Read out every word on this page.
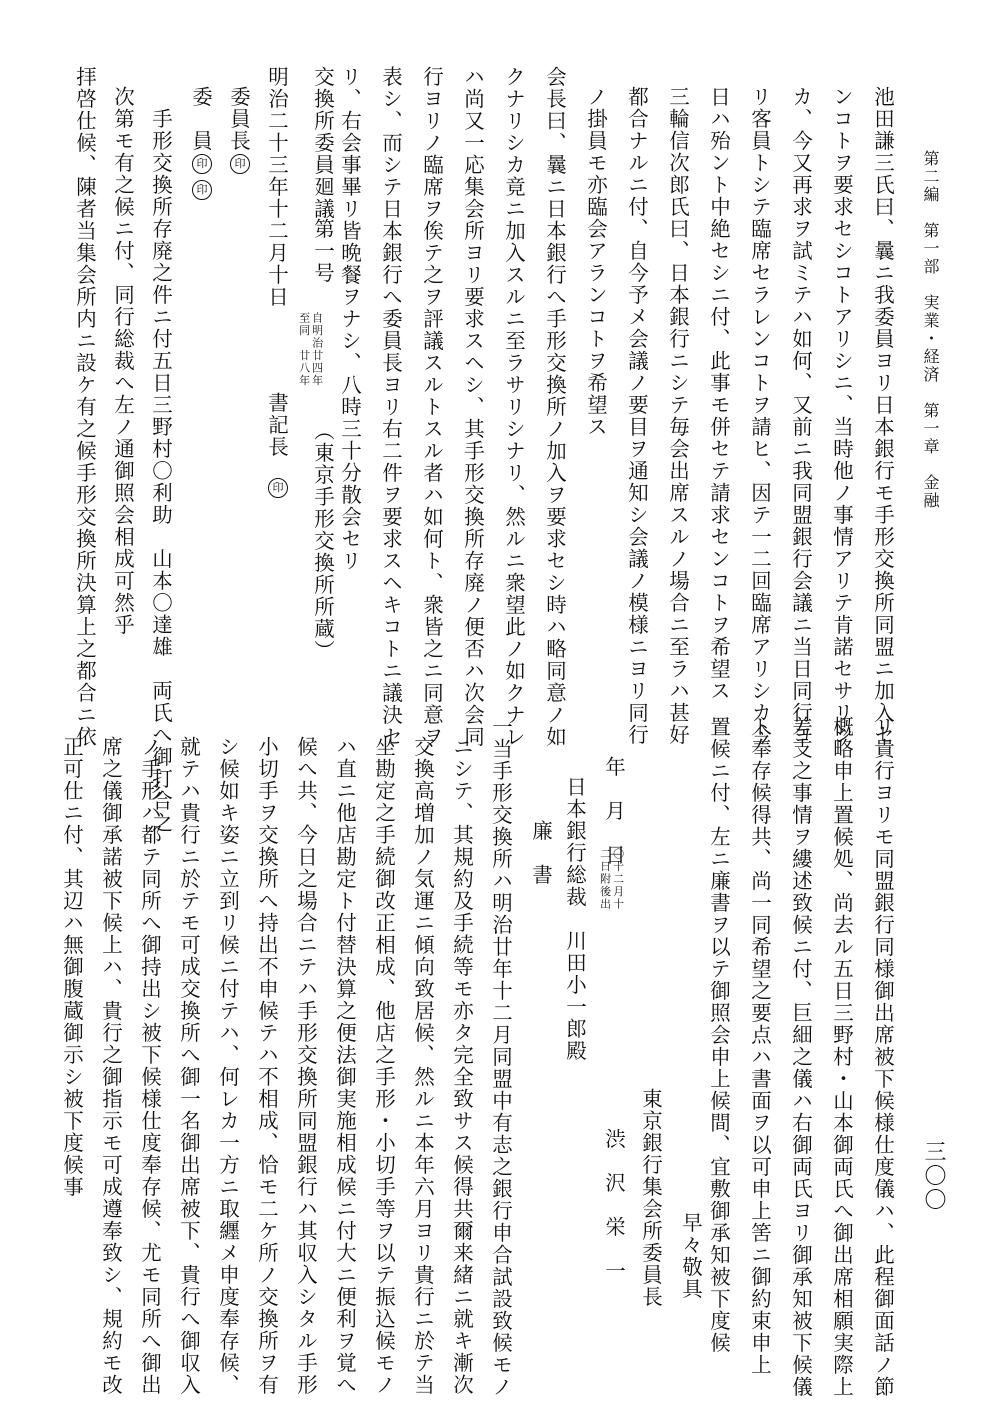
第二編　第一部　実業・経済　第一章　金融
三〇〇
池田謙三氏曰、曩ニ我委員ヨリ日本銀行モ手形交換所同盟ニ加入セ
ンコトヲ要求セシコトアリシニ、当時他ノ事情アリテ肯諾セサリシ
カ、今又再求ヲ試ミテハ如何、又前ニ我同盟銀行会議ニ当日同行ヨ
リ客員トシテ臨席セラレンコトヲ請ヒ、因テ一二回臨席アリシカ今
日ハ殆ント中絶セシニ付、此事モ併セテ請求センコトヲ希望ス
三輪信次郎氏曰、日本銀行ニシテ毎会出席スルノ場合ニ至ラハ甚好
都合ナルニ付、自今予メ会議ノ要目ヲ通知シ会議ノ模様ニヨリ同行
ノ掛員モ亦臨会アランコトヲ希望ス
会長曰、曩ニ日本銀行へ手形交換所ノ加入ヲ要求セシ時ハ略同意ノ如
クナリシカ竟ニ加入スルニ至ラサリシナリ、然ルニ衆望此ノ如クナレ
ハ尚又一応集会所ヨリ要求スヘシ、其手形交換所存廃ノ便否ハ次会同
行ヨリノ臨席ヲ俟テ之ヲ評議スルトスル者ハ如何ト、衆皆之ニ同意ヲ
表シ、而シテ日本銀行へ委員長ヨリ右二件ヲ要求スヘキコトニ議決セ
リ、右会事畢リ皆晩餐ヲナシ、八時三十分散会セリ
交換所委員廻議
第一号
自明治廿四年
至同　廿八年
（東京手形交換所所蔵）
明治二十三年十二月十日
書記長
印
委員長
印
委　員
印
印
手形交換所存廃之件ニ付五日三野村〇利助　山本〇達雄　両氏へ御打合之
次第モ有之候ニ付、同行総裁へ左ノ通御照会相成可然乎
拝啓仕候、陳者当集会所内ニ設ケ有之候手形交換所決算上之都合ニ依
リ貴行ヨリモ同盟銀行同様御出席被下候様仕度儀ハ、此程御面話ノ節
概略申上置候処、尚去ル五日三野村・山本御両氏へ御出席相願実際上
差支之事情ヲ縷述致候ニ付、巨細之儀ハ右御両氏ヨリ御承知被下候儀
ト奉存候得共、尚一同希望之要点ハ書面ヲ以可申上筈ニ御約束申上
置候ニ付、左ニ廉書ヲ以テ御照会申上候間、宜敷御承知被下度候
早々敬具
東京銀行集会所委員長
渋　沢　栄　一
年　月　日
〇十二月十
二日附後出
日本銀行総裁　川田小一郎殿
廉　書
一当手形交換所ハ明治廿年十二月同盟中有志之銀行申合試設致候モノ
ニシテ、其規約及手続等モ亦タ完全致サス候得共爾来緒ニ就キ漸次
交換高増加ノ気運ニ傾向致居候、然ルニ本年六月ヨリ貴行ニ於テ当
坐勘定之手続御改正相成、他店之手形・小切手等ヲ以テ振込候モノ
ハ直ニ他店勘定ト付替決算之便法御実施相成候ニ付大ニ便利ヲ覚へ
候へ共、今日之場合ニテハ手形交換所同盟銀行ハ其収入シタル手形
小切手ヲ交換所へ持出不申候テハ不相成、恰モ二ケ所ノ交換所ヲ有
シ候如キ姿ニ立到リ候ニ付テハ、何レカ一方ニ取纒メ申度奉存候、
就テハ貴行ニ於テモ可成交換所へ御一名御出席被下、貴行へ御収入
ノ手形ハ都テ同所へ御持出シ被下候様仕度奉存候、尤モ同所へ御出
席之儀御承諾被下候上ハ、貴行之御指示モ可成遵奉致シ、規約モ改
正可仕ニ付、其辺ハ無御腹蔵御示シ被下度候事
